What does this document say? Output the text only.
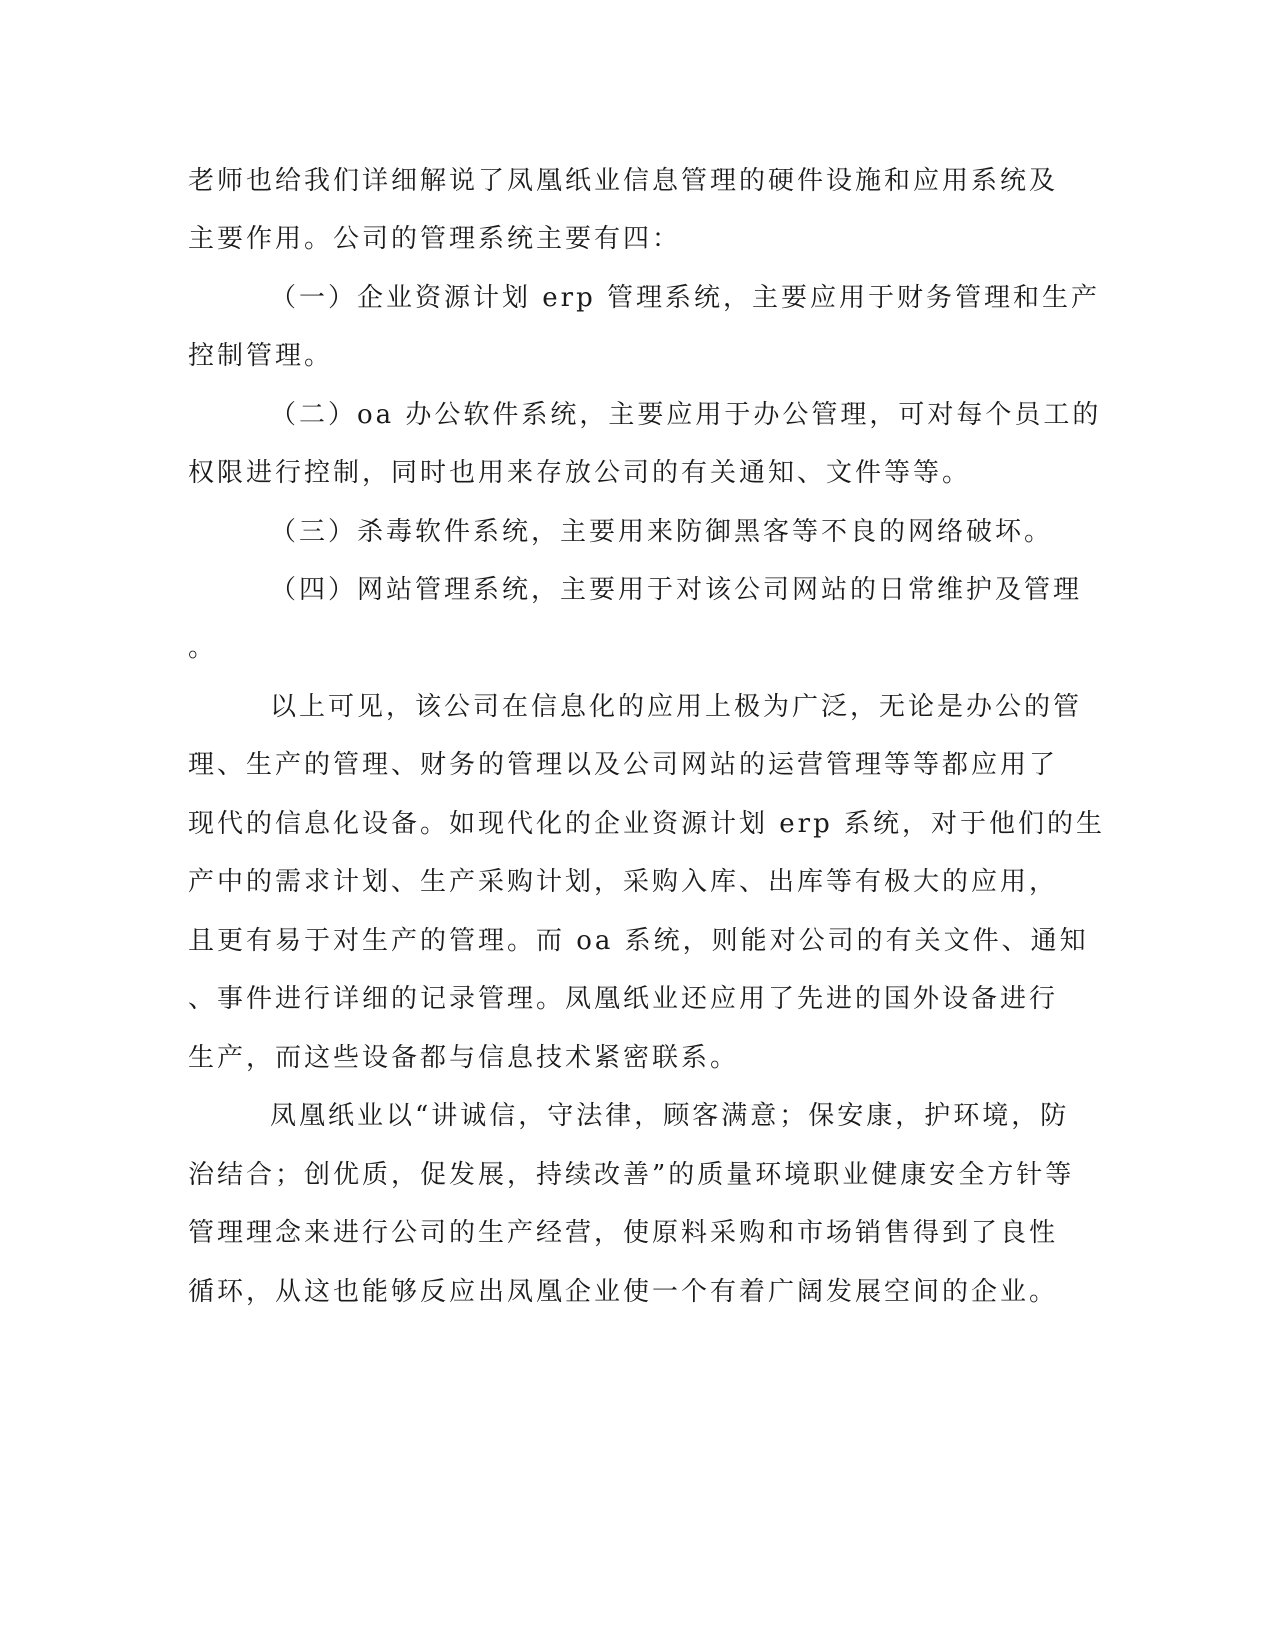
老师也给我们详细解说了凤凰纸业信息管理的硬件设施和应用系统及
主要作用。公司的管理系统主要有四：
（一）企业资源计划 erp 管理系统，主要应用于财务管理和生产
控制管理。
（二）oa 办公软件系统，主要应用于办公管理，可对每个员工的
权限进行控制，同时也用来存放公司的有关通知、文件等等。
（三）杀毒软件系统，主要用来防御黑客等不良的网络破坏。
（四）网站管理系统，主要用于对该公司网站的日常维护及管理
。
以上可见，该公司在信息化的应用上极为广泛，无论是办公的管
理、生产的管理、财务的管理以及公司网站的运营管理等等都应用了
现代的信息化设备。如现代化的企业资源计划 erp 系统，对于他们的生
产中的需求计划、生产采购计划，采购入库、出库等有极大的应用，
且更有易于对生产的管理。而 oa 系统，则能对公司的有关文件、通知
、事件进行详细的记录管理。凤凰纸业还应用了先进的国外设备进行
生产，而这些设备都与信息技术紧密联系。
凤凰纸业以“讲诚信，守法律，顾客满意；保安康，护环境，防
治结合；创优质，促发展，持续改善”的质量环境职业健康安全方针等
管理理念来进行公司的生产经营，使原料采购和市场销售得到了良性
循环，从这也能够反应出凤凰企业使一个有着广阔发展空间的企业。
